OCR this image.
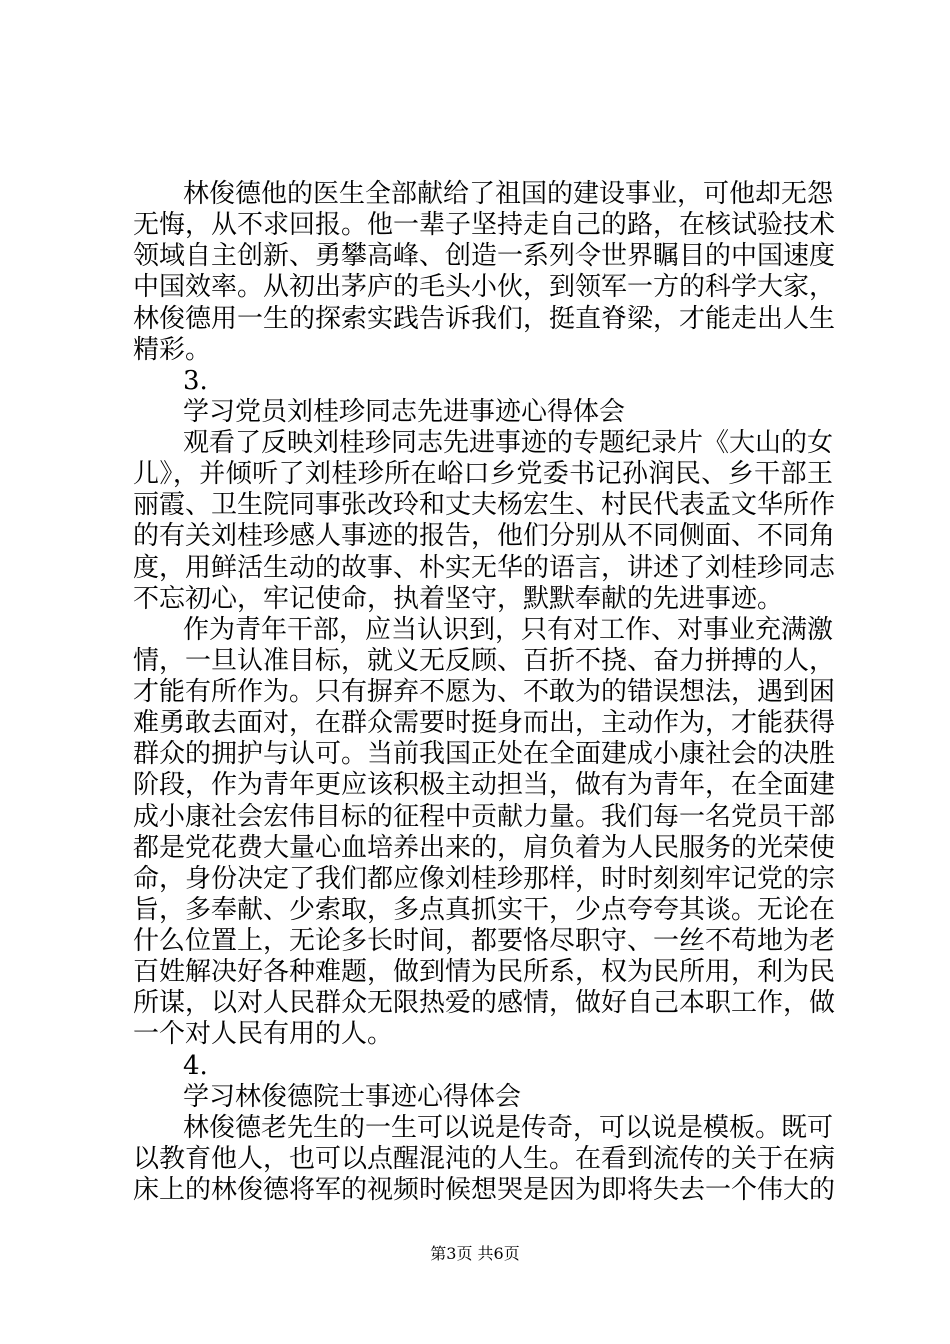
林俊德他的医生全部献给了祖国的建设事业，可他却无怨
无悔，从不求回报。他一辈子坚持走自己的路，在核试验技术
领域自主创新、勇攀高峰、创造一系列令世界瞩目的中国速度
中国效率。从初出茅庐的毛头小伙，到领军一方的科学大家，
林俊德用一生的探索实践告诉我们，挺直脊梁，才能走出人生
精彩。
3.
学习党员刘桂珍同志先进事迹心得体会
观看了反映刘桂珍同志先进事迹的专题纪录片《大山的女
儿》，并倾听了刘桂珍所在峪口乡党委书记孙润民、乡干部王
丽霞、卫生院同事张改玲和丈夫杨宏生、村民代表孟文华所作
的有关刘桂珍感人事迹的报告，他们分别从不同侧面、不同角
度，用鲜活生动的故事、朴实无华的语言，讲述了刘桂珍同志
不忘初心，牢记使命，执着坚守，默默奉献的先进事迹。
作为青年干部，应当认识到，只有对工作、对事业充满激
情，一旦认准目标，就义无反顾、百折不挠、奋力拼搏的人，
才能有所作为。只有摒弃不愿为、不敢为的错误想法，遇到困
难勇敢去面对，在群众需要时挺身而出，主动作为，才能获得
群众的拥护与认可。当前我国正处在全面建成小康社会的决胜
阶段，作为青年更应该积极主动担当，做有为青年，在全面建
成小康社会宏伟目标的征程中贡献力量。我们每一名党员干部
都是党花费大量心血培养出来的，肩负着为人民服务的光荣使
命，身份决定了我们都应像刘桂珍那样，时时刻刻牢记党的宗
旨，多奉献、少索取，多点真抓实干，少点夸夸其谈。无论在
什么位置上，无论多长时间，都要恪尽职守、一丝不苟地为老
百姓解决好各种难题，做到情为民所系，权为民所用，利为民
所谋，以对人民群众无限热爱的感情，做好自己本职工作，做
一个对人民有用的人。
4.
学习林俊德院士事迹心得体会
林俊德老先生的一生可以说是传奇，可以说是模板。既可
以教育他人，也可以点醒混沌的人生。在看到流传的关于在病
床上的林俊德将军的视频时候想哭是因为即将失去一个伟大的
第3页 共6页
